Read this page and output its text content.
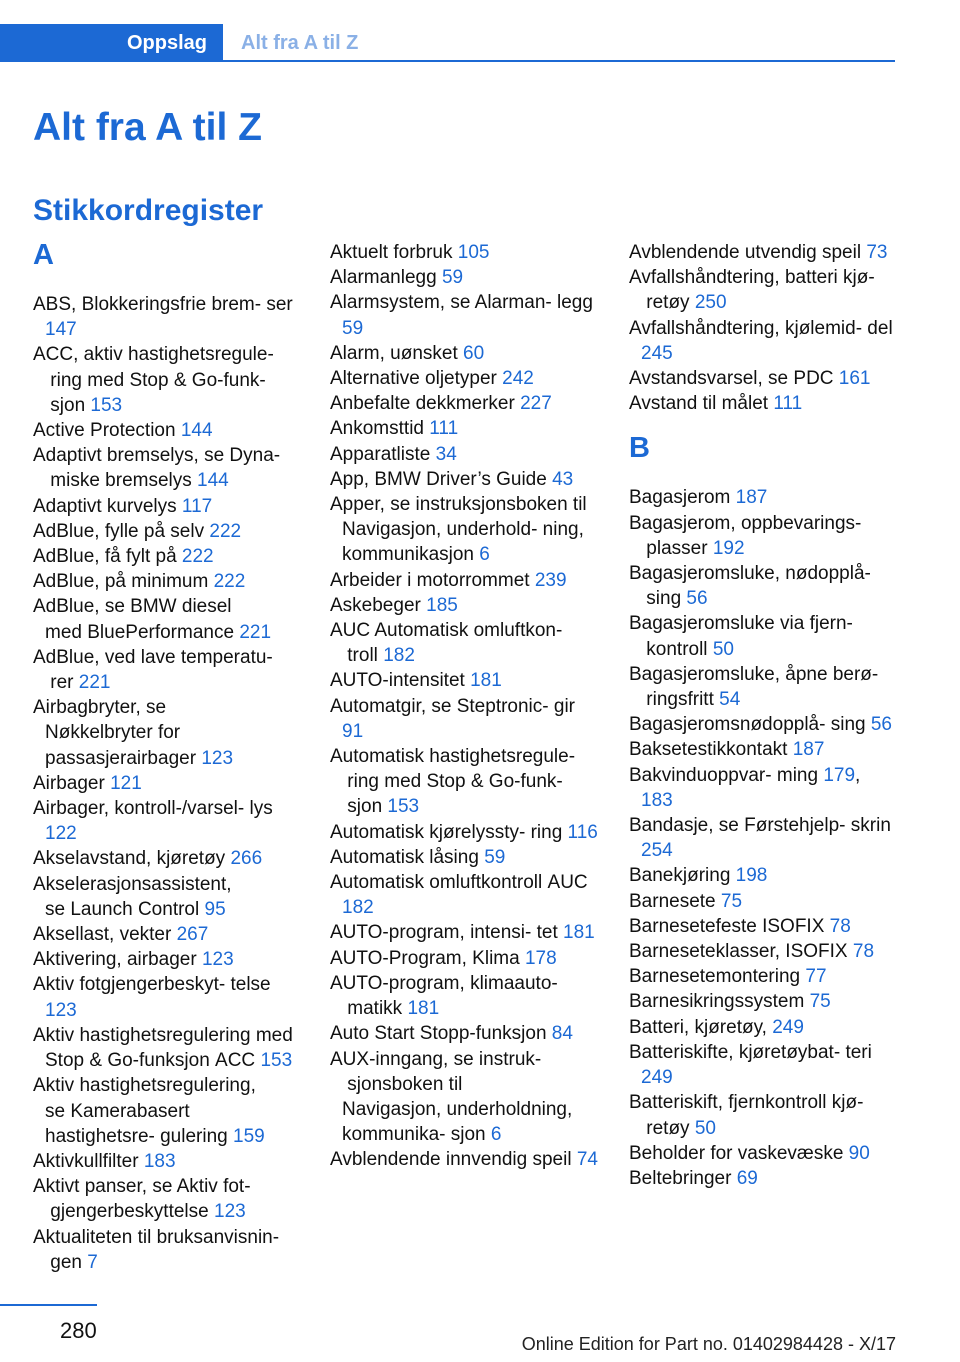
Oppslag	Alt fra A til Z
Alt fra A til Z
Stikkordregister
A
ABS, Blokkeringsfrie brem- ser 147
ACC, aktiv hastighetsregule- ring med Stop & Go-funk- sjon 153
Active Protection 144
Adaptivt bremselys, se Dyna- miske bremselys 144
Adaptivt kurvelys 117
AdBlue, fylle på selv 222
AdBlue, få fylt på 222
AdBlue, på minimum 222
AdBlue, se BMW diesel med BluePerformance 221
AdBlue, ved lave temperatu- rer 221
Airbagbryter, se Nøkkelbryter for passasjerairbager 123
Airbager 121
Airbager, kontroll-/varsel- lys 122
Akselavstand, kjøretøy 266
Akselerasjonsassistent, se Launch Control 95
Aksellast, vekter 267
Aktivering, airbager 123
Aktiv fotgjengerbeskyt- telse 123
Aktiv hastighetsregulering med Stop & Go-funksjon ACC 153
Aktiv hastighetsregulering, se Kamerabasert hastighetsre- gulering 159
Aktivkullfilter 183
Aktivt panser, se Aktiv fot- gjengerbeskyttelse 123
Aktualiteten til bruksanvisnin- gen 7
Aktuelt forbruk 105
Alarmanlegg 59
Alarmsystem, se Alarman- legg 59
Alarm, uønsket 60
Alternative oljetyper 242
Anbefalte dekkmerker 227
Ankomsttid 111
Apparatliste 34
App, BMW Driver’s Guide 43
Apper, se instruksjonsboken til Navigasjon, underhold- ning, kommunikasjon 6
Arbeider i motorrommet 239
Askebeger 185
AUC Automatisk omluftkon- troll 182
AUTO-intensitet 181
Automatgir, se Steptronic- gir 91
Automatisk hastighetsregule- ring med Stop & Go-funk- sjon 153
Automatisk kjørelyssty- ring 116
Automatisk låsing 59
Automatisk omluftkontroll AUC 182
AUTO-program, intensi- tet 181
AUTO-Program, Klima 178
AUTO-program, klimaauto- matikk 181
Auto Start Stopp-funksjon 84
AUX-inngang, se instruk- sjonsboken til Navigasjon, underholdning, kommunika- sjon 6
Avblendende innvendig speil 74
Avblendende utvendig speil 73
Avfallshåndtering, batteri kjø- retøy 250
Avfallshåndtering, kjølemid- del 245
Avstandsvarsel, se PDC 161
Avstand til målet 111
B
Bagasjerom 187
Bagasjerom, oppbevarings- plasser 192
Bagasjeromsluke, nødopplå- sing 56
Bagasjeromsluke via fjern- kontroll 50
Bagasjeromsluke, åpne berø- ringsfritt 54
Bagasjeromsnødopplå- sing 56
Baksetestikkontakt 187
Bakvinduoppvar- ming 179, 183
Bandasje, se Førstehjelp- skrin 254
Banekjøring 198
Barnesete 75
Barnesetefeste ISOFIX 78
Barneseteklasser, ISOFIX 78
Barnesetemontering 77
Barnesikringssystem 75
Batteri, kjøretøy, 249
Batteriskifte, kjøretøybat- teri 249
Batteriskift, fjernkontroll kjø- retøy 50
Beholder for vaskevæske 90
Beltebringer 69
280
Online Edition for Part no. 01402984428 - X/17
